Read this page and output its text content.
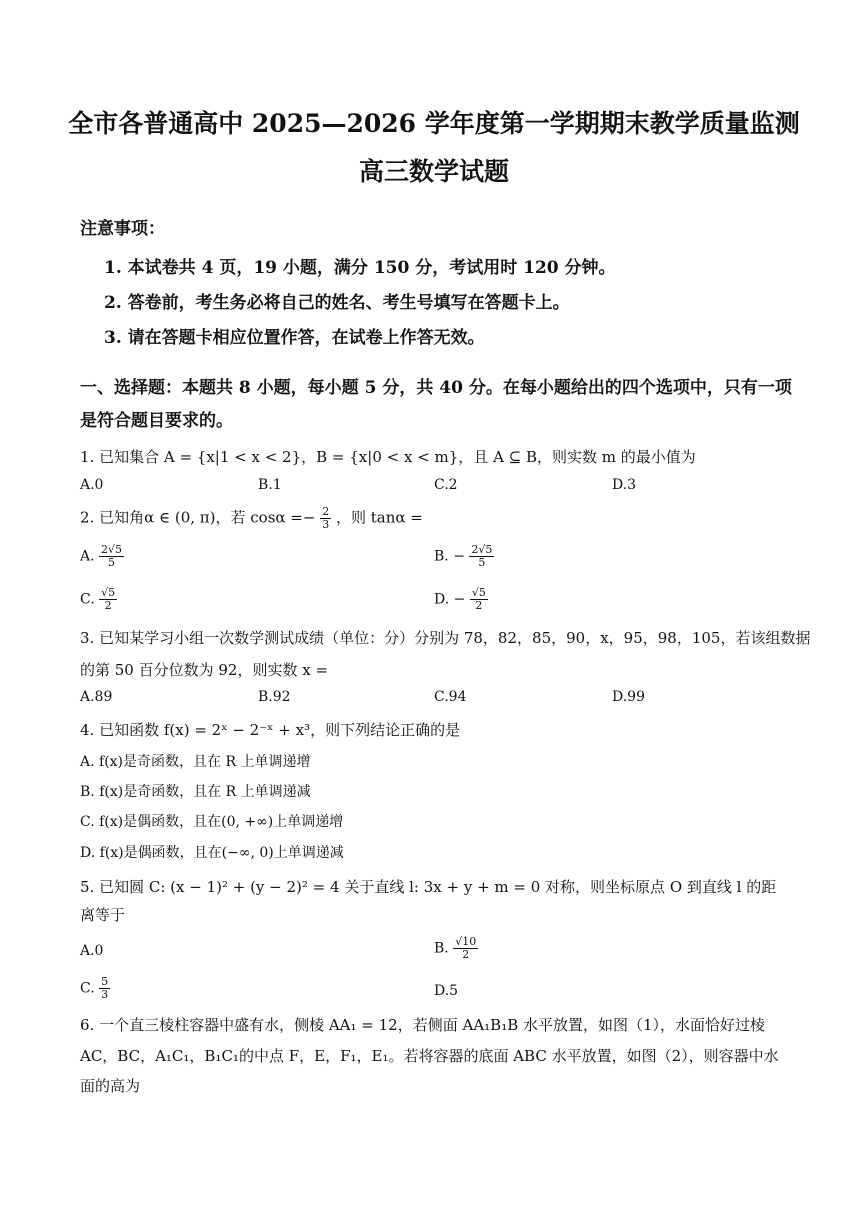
全市各普通高中 2025—2026 学年度第一学期期末教学质量监测
高三数学试题
注意事项：
1. 本试卷共 4 页，19 小题，满分 150 分，考试用时 120 分钟。
2. 答卷前，考生务必将自己的姓名、考生号填写在答题卡上。
3. 请在答题卡相应位置作答，在试卷上作答无效。
一、选择题：本题共 8 小题，每小题 5 分，共 40 分。在每小题给出的四个选项中，只有一项
是符合题目要求的。
1. 已知集合 A = {x|1 < x < 2}，B = {x|0 < x < m}，且 A ⊆ B，则实数 m 的最小值为
A.0	B.1	C.2	D.3
2. 已知角α ∈ (0, π)，若 $\cos\alpha =- \frac{2}{3}$ ，则 tanα =
A. $\frac{2√5}{5}$	B. − $\frac{2√5}{5}$
C. $\frac{√5}{2}$	D. − $\frac{√5}{2}$
3. 已知某学习小组一次数学测试成绩（单位：分）分别为 78，82，85，90，x，95，98，105，若该组数据
的第 50 百分位数为 92，则实数 x =
A.89	B.92	C.94	D.99
4. 已知函数 f(x) = 2ˣ − 2⁻ˣ + x³，则下列结论正确的是
A. f(x)是奇函数，且在 R 上单调递增
B. f(x)是奇函数，且在 R 上单调递减
C. f(x)是偶函数，且在(0, +∞)上单调递增
D. f(x)是偶函数，且在(−∞, 0)上单调递减
5. 已知圆 C: (x − 1)² + (y − 2)² = 4 关于直线 l: 3x + y + m = 0 对称，则坐标原点 O 到直线 l 的距
离等于
A.0	B. $\frac{√10}{2}$
C. $\frac{5}{3}$	D.5
6. 一个直三棱柱容器中盛有水，侧棱 AA₁ = 12，若侧面 AA₁B₁B 水平放置，如图（1），水面恰好过棱
AC，BC，A₁C₁，B₁C₁的中点 F，E，F₁，E₁。若将容器的底面 ABC 水平放置，如图（2），则容器中水
面的高为
